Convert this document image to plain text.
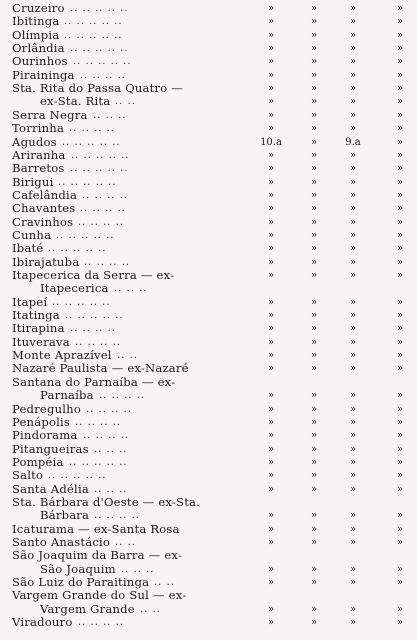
Cruzeiro .. .. .. .. ..	»	»	»	»
Ibitinga .. .. .. .. ..	»	»	»	»
Olímpia .. .. .. .. ..	»	»	»	»
Orlândia .. .. .. .. ..	»	»	»	»
Ourinhos .. .. .. .. ..	»	»	»	»
Piraininga .. .. .. ..	»	»	»	»
Sta. Rita do Passa Quatro —	»	»	»	»
ex-Sta. Rita .. ..	»	»	»	»
Serra Negra .. .. ..	»	»	»	»
Torrinha .. .. .. ..	»	»	»	»
Agudos .. .. .. .. ..	10.a	»	9.a	»
Ariranha .. .. .. .. ..	»	»	»	»
Barretos .. .. .. .. ..	»	»	»	»
Birigui .. .. .. .. ..	»	»	»	»
Cafelândia .. .. .. ..	»	»	»	»
Chavantes .. .. .. ..	»	»	»	»
Cravinhos .. .. .. ..	»	»	»	»
Cunha .. .. .. .. ..	»	»	»	»
Ibaté .. .. .. .. ..	»	»	»	»
Ibirajatuba .. .. .. ..	»	»	»	»
Itapecerica da Serra — ex-	»	»	»	»
Itapecerica .. .. ..
Itapeí .. .. .. .. ..	»	»	»	»
Itatinga .. .. .. .. ..	»	»	»	»
Itirapina .. .. .. ..	»	»	»	»
Ituverava .. .. .. ..	»	»	»	»
Monte Aprazível .. ..	»	»	»	»
Nazaré Paulista — ex-Nazaré	»	»	»	»
Santana do Parnaíba — ex-
Parnaíba .. .. .. ..	»	»	»	»
Pedregulho .. .. .. ..	»	»	»	»
Penápolis .. .. .. ..	»	»	»	»
Pindorama .. .. .. ..	»	»	»	»
Pitangueiras .. .. ..	»	»	»	»
Pompéia .. .. .. .. ..	»	»	»	»
Salto .. .. .. .. ..	»	»	»	»
Santa Adélia .. .. ..	»	»	»	»
Sta. Bárbara d'Oeste — ex-Sta.
Bárbara .. .. .. ..	»	»	»	»
Icaturama — ex-Santa Rosa	»	»	»	»
Santo Anastácio .. ..	»	»	»	»
São Joaquim da Barra — ex-
São Joaquim .. .. ..	»	»	»	»
São Luiz do Paraitinga .. ..	»	»	»	»
Vargem Grande do Sul — ex-
Vargem Grande .. ..	»	»	»	»
Viradouro .. .. .. ..	»	»	»	»
